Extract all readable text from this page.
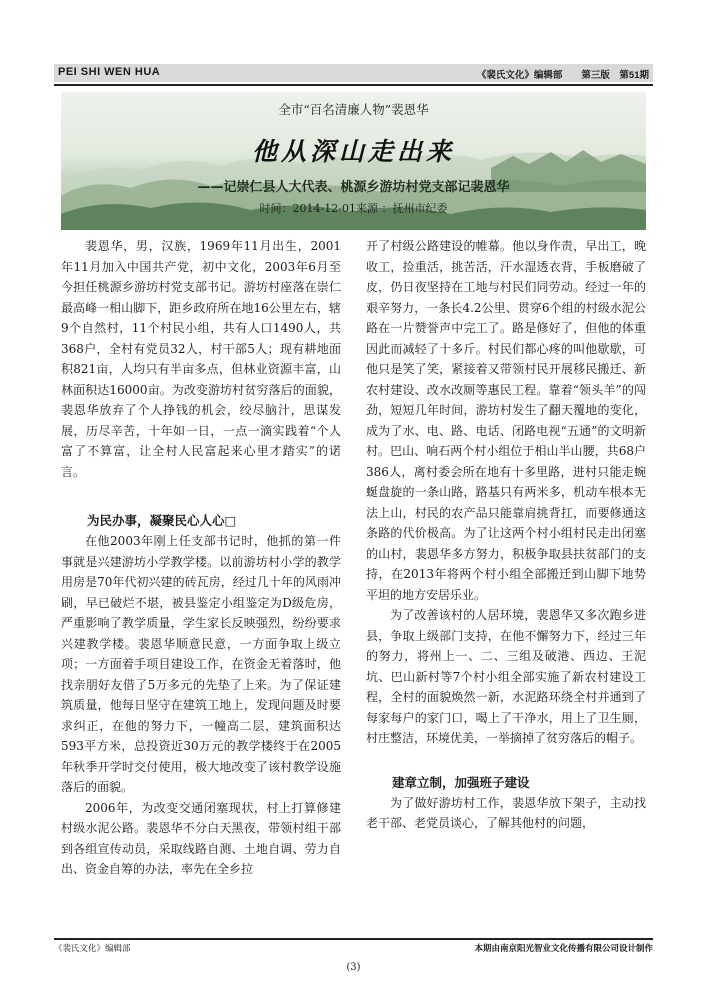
PEI SHI WEN HUA	《裴氏文化》编辑部　　第三版　第51期
全市“百名清廉人物”裴恩华
他从深山走出来
——记崇仁县人大代表、桃源乡游坊村党支部记裴恩华
时间：2014-12-01来源 ：抚州市纪委

裴恩华，男，汉族，1969年11月出生，2001年11月加入中国共产党，初中文化，2003年6月至今担任桃源乡游坊村党支部书记。游坊村座落在崇仁最高峰一相山脚下，距乡政府所在地16公里左右，辖9个自然村，11个村民小组，共有人口1490人，共368户，全村有党员32人，村干部5人；现有耕地面积821亩，人均只有半亩多点，但林业资源丰富，山林面积达16000亩。为改变游坊村贫穷落后的面貌，裴恩华放弃了个人挣钱的机会，绞尽脑汁，思谋发展，历尽辛苦，十年如一日，一点一滴实践着“个人富了不算富，让全村人民富起来心里才踏实”的诺言。

为民办事，凝聚民心人心□

在他2003年刚上任支部书记时，他抓的第一件事就是兴建游坊小学教学楼。以前游坊村小学的教学用房是70年代初兴建的砖瓦房，经过几十年的风雨冲刷，早已破烂不堪，被县鉴定小组鉴定为D级危房，严重影响了教学质量，学生家长反映强烈，纷纷要求兴建教学楼。裴恩华顺意民意，一方面争取上级立项；一方面着手项目建设工作，在资金无着落时，他找亲朋好友借了5万多元的先垫了上来。为了保证建筑质量，他每日坚守在建筑工地上，发现问题及时要求纠正，在他的努力下，一幢高二层，建筑面积达593平方米，总投资近30万元的教学楼终于在2005年秋季开学时交付使用，极大地改变了该村教学设施落后的面貌。

2006年，为改变交通闭塞现状，村上打算修建村级水泥公路。裴恩华不分白天黑夜，带领村组干部到各组宣传动员，采取线路自测、土地自调、劳力自出、资金自筹的办法，率先在全乡拉

开了村级公路建设的帷幕。他以身作责，早出工，晚收工，捡重活，挑苦活，汗水湿透衣背，手板磨破了皮，仍日夜坚持在工地与村民们同劳动。经过一年的艰辛努力，一条长4.2公里、贯穿6个组的村级水泥公路在一片赞誉声中完工了。路是修好了，但他的体重因此而减轻了十多斤。村民们都心疼的叫他歇歇，可他只是笑了笑，紧接着又带领村民开展移民搬迁、新农村建设、改水改厕等惠民工程。靠着“领头羊”的闯劲，短短几年时间，游坊村发生了翻天覆地的变化，成为了水、电、路、电话、闭路电视“五通”的文明新村。巴山、响石两个村小组位于相山半山腰，共68户386人，离村委会所在地有十多里路，进村只能走蜿蜒盘旋的一条山路，路基只有两米多，机动车根本无法上山，村民的农产品只能靠肩挑背扛，而要修通这条路的代价极高。为了让这两个村小组村民走出闭塞的山村，裴恩华多方努力，积极争取县扶贫部门的支持，在2013年将两个村小组全部搬迁到山脚下地势平坦的地方安居乐业。

为了改善该村的人居环境，裴恩华又多次跑乡进县，争取上级部门支持，在他不懈努力下，经过三年的努力，将州上一、二、三组及破港、西边、王泥坑、巴山新村等7个村小组全部实施了新农村建设工程，全村的面貌焕然一新，水泥路环绕全村并通到了每家每户的家门口，喝上了干净水，用上了卫生厕，村庄整洁，环境优美，一举摘掉了贫穷落后的帽子。

建章立制，加强班子建设

为了做好游坊村工作，裴恩华放下架子，主动找老干部、老党员谈心，了解其他村的问题，

《裴氏文化》编辑部	本期由南京阳光智业文化传播有限公司设计制作
(3)
